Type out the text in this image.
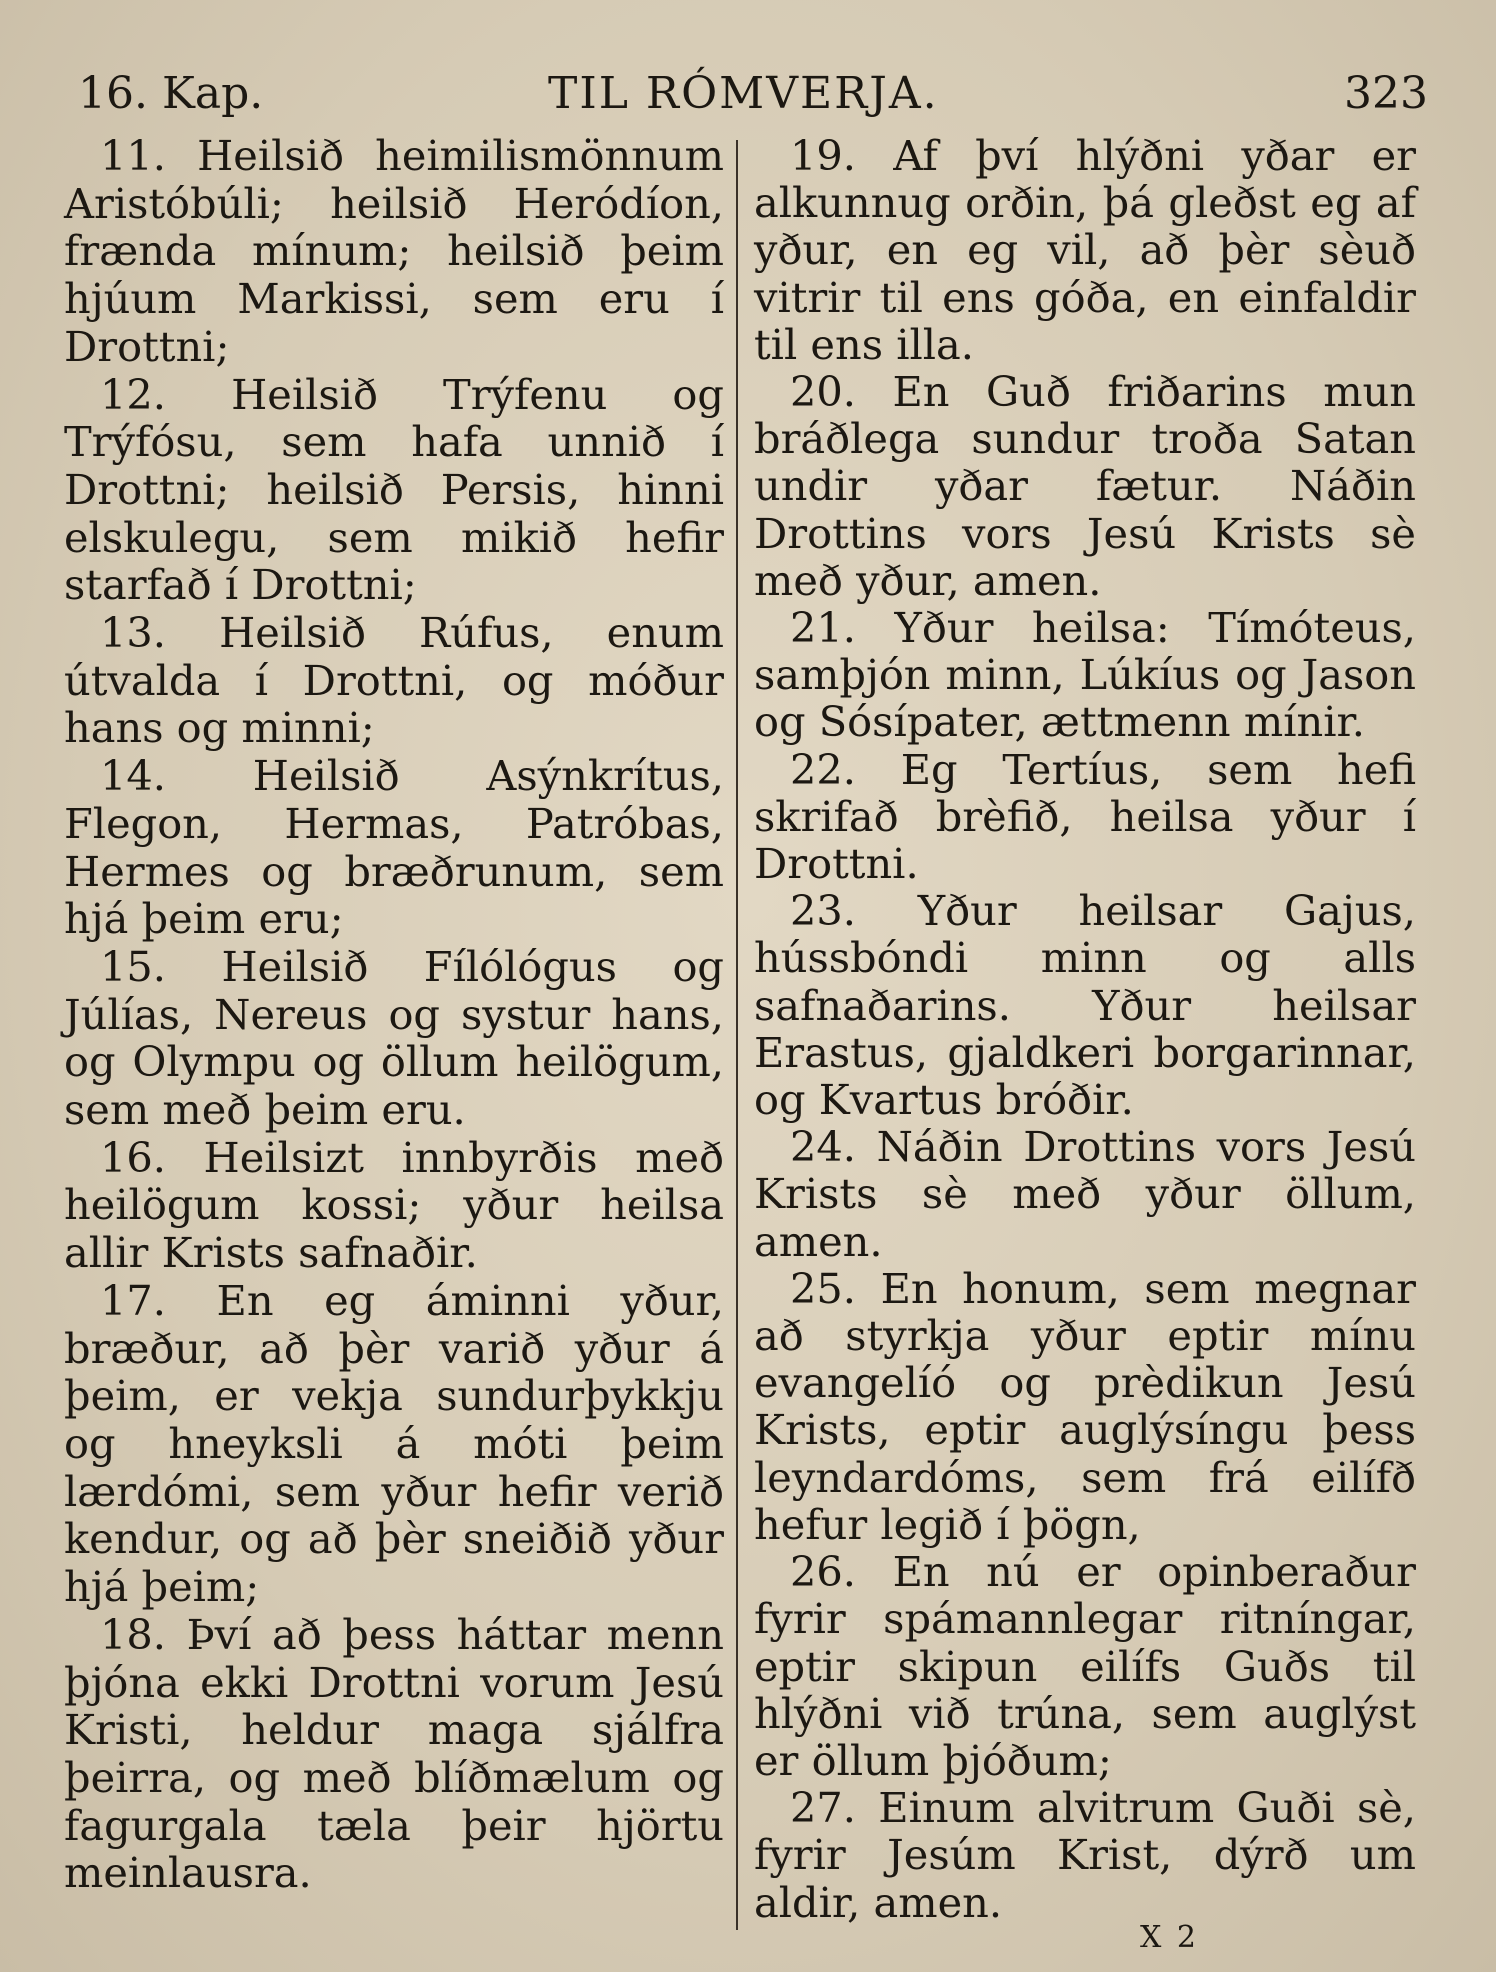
16. Kap.	TIL RÓMVERJA.	323

11. Heilsið heimilismönnum Aristóbúli; heilsið Heródíon, frænda mínum; heilsið þeim hjúum Markissi, sem eru í Drottni;

12. Heilsið Trýfenu og Trýfósu, sem hafa unnið í Drottni; heilsið Persis, hinni elskulegu, sem mikið hefir starfað í Drottni;

13. Heilsið Rúfus, enum útvalda í Drottni, og móður hans og minni;

14. Heilsið Asýnkrítus, Flegon, Hermas, Patróbas, Hermes og bræðrunum, sem hjá þeim eru;

15. Heilsið Fílólógus og Júlías, Nereus og systur hans, og Olympu og öllum heilögum, sem með þeim eru.

16. Heilsizt innbyrðis með heilögum kossi; yður heilsa allir Krists safnaðir.

17. En eg áminni yður, bræður, að þèr varið yður á þeim, er vekja sundurþykkju og hneyksli á móti þeim lærdómi, sem yður hefir verið kendur, og að þèr sneiðið yður hjá þeim;

18. Því að þess háttar menn þjóna ekki Drottni vorum Jesú Kristi, heldur maga sjálfra þeirra, og með blíðmælum og fagurgala tæla þeir hjörtu meinlausra.

19. Af því hlýðni yðar er alkunnug orðin, þá gleðst eg af yður, en eg vil, að þèr sèuð vitrir til ens góða, en einfaldir til ens illa.

20. En Guð friðarins mun bráðlega sundur troða Satan undir yðar fætur. Náðin Drottins vors Jesú Krists sè með yður, amen.

21. Yður heilsa: Tímóteus, samþjón minn, Lúkíus og Jason og Sósípater, ættmenn mínir.

22. Eg Tertíus, sem hefi skrifað brèfið, heilsa yður í Drottni.

23. Yður heilsar Gajus, hússbóndi minn og alls safnaðarins. Yður heilsar Erastus, gjaldkeri borgarinnar, og Kvartus bróðir.

24. Náðin Drottins vors Jesú Krists sè með yður öllum, amen.

25. En honum, sem megnar að styrkja yður eptir mínu evangelíó og prèdikun Jesú Krists, eptir auglýsíngu þess leyndardóms, sem frá eilífð hefur legið í þögn,

26. En nú er opinberaður fyrir spámannlegar ritníngar, eptir skipun eilífs Guðs til hlýðni við trúna, sem auglýst er öllum þjóðum;

27. Einum alvitrum Guði sè, fyrir Jesúm Krist, dýrð um aldir, amen.

X 2
